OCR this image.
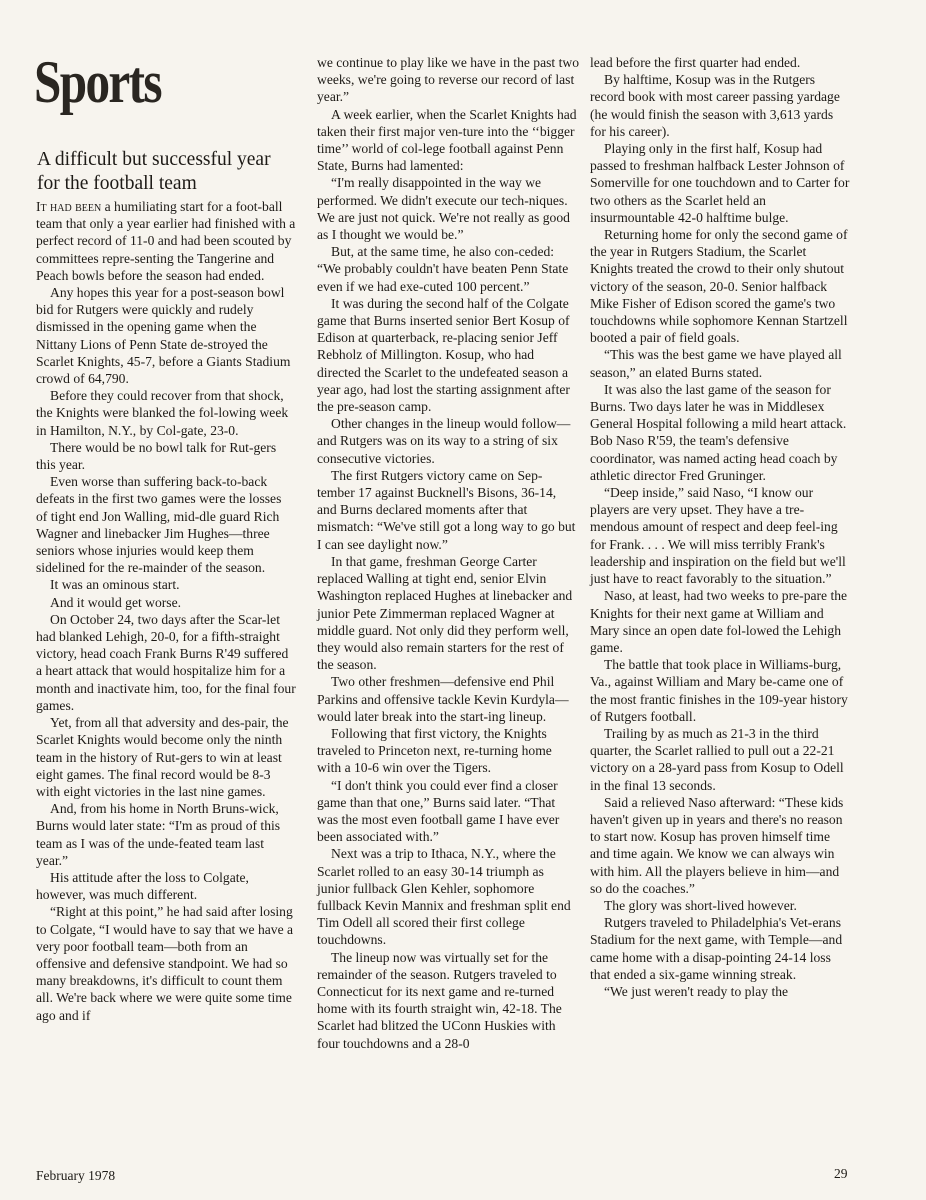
Sports
A difficult but successful year for the football team

It had been a humiliating start for a foot-ball team that only a year earlier had finished with a perfect record of 11-0 and had been scouted by committees repre-senting the Tangerine and Peach bowls before the season had ended.

Any hopes this year for a post-season bowl bid for Rutgers were quickly and rudely dismissed in the opening game when the Nittany Lions of Penn State de-stroyed the Scarlet Knights, 45-7, before a Giants Stadium crowd of 64,790.

Before they could recover from that shock, the Knights were blanked the fol-lowing week in Hamilton, N.Y., by Col-gate, 23-0.

There would be no bowl talk for Rut-gers this year.

Even worse than suffering back-to-back defeats in the first two games were the losses of tight end Jon Walling, mid-dle guard Rich Wagner and linebacker Jim Hughes—three seniors whose injuries would keep them sidelined for the re-mainder of the season.

It was an ominous start.

And it would get worse.

On October 24, two days after the Scar-let had blanked Lehigh, 20-0, for a fifth-straight victory, head coach Frank Burns R'49 suffered a heart attack that would hospitalize him for a month and inactivate him, too, for the final four games.

Yet, from all that adversity and des-pair, the Scarlet Knights would become only the ninth team in the history of Rut-gers to win at least eight games. The final record would be 8-3 with eight victories in the last nine games.

And, from his home in North Bruns-wick, Burns would later state: “I'm as proud of this team as I was of the unde-feated team last year.”

His attitude after the loss to Colgate, however, was much different.

“Right at this point,” he had said after losing to Colgate, “I would have to say that we have a very poor football team—both from an offensive and defensive standpoint. We had so many breakdowns, it's difficult to count them all. We're back where we were quite some time ago and if

we continue to play like we have in the past two weeks, we're going to reverse our record of last year.”

A week earlier, when the Scarlet Knights had taken their first major ven-ture into the ‘‘bigger time’’ world of col-lege football against Penn State, Burns had lamented:

“I'm really disappointed in the way we performed. We didn't execute our tech-niques. We are just not quick. We're not really as good as I thought we would be.”

But, at the same time, he also con-ceded: “We probably couldn't have beaten Penn State even if we had exe-cuted 100 percent.”

It was during the second half of the Colgate game that Burns inserted senior Bert Kosup of Edison at quarterback, re-placing senior Jeff Rebholz of Millington. Kosup, who had directed the Scarlet to the undefeated season a year ago, had lost the starting assignment after the pre-season camp.

Other changes in the lineup would follow—and Rutgers was on its way to a string of six consecutive victories.

The first Rutgers victory came on Sep-tember 17 against Bucknell's Bisons, 36-14, and Burns declared moments after that mismatch: “We've still got a long way to go but I can see daylight now.”

In that game, freshman George Carter replaced Walling at tight end, senior Elvin Washington replaced Hughes at linebacker and junior Pete Zimmerman replaced Wagner at middle guard. Not only did they perform well, they would also remain starters for the rest of the season.

Two other freshmen—defensive end Phil Parkins and offensive tackle Kevin Kurdyla—would later break into the start-ing lineup.

Following that first victory, the Knights traveled to Princeton next, re-turning home with a 10-6 win over the Tigers.

“I don't think you could ever find a closer game than that one,” Burns said later. “That was the most even football game I have ever been associated with.”

Next was a trip to Ithaca, N.Y., where the Scarlet rolled to an easy 30-14 triumph as junior fullback Glen Kehler, sophomore fullback Kevin Mannix and freshman split end Tim Odell all scored their first college touchdowns.

The lineup now was virtually set for the remainder of the season. Rutgers traveled to Connecticut for its next game and re-turned home with its fourth straight win, 42-18. The Scarlet had blitzed the UConn Huskies with four touchdowns and a 28-0

lead before the first quarter had ended.

By halftime, Kosup was in the Rutgers record book with most career passing yardage (he would finish the season with 3,613 yards for his career).

Playing only in the first half, Kosup had passed to freshman halfback Lester Johnson of Somerville for one touchdown and to Carter for two others as the Scarlet held an insurmountable 42-0 halftime bulge.

Returning home for only the second game of the year in Rutgers Stadium, the Scarlet Knights treated the crowd to their only shutout victory of the season, 20-0. Senior halfback Mike Fisher of Edison scored the game's two touchdowns while sophomore Kennan Startzell booted a pair of field goals.

“This was the best game we have played all season,” an elated Burns stated.

It was also the last game of the season for Burns. Two days later he was in Middlesex General Hospital following a mild heart attack. Bob Naso R'59, the team's defensive coordinator, was named acting head coach by athletic director Fred Gruninger.

“Deep inside,” said Naso, “I know our players are very upset. They have a tre-mendous amount of respect and deep feel-ing for Frank. . . . We will miss terribly Frank's leadership and inspiration on the field but we'll just have to react favorably to the situation.”

Naso, at least, had two weeks to pre-pare the Knights for their next game at William and Mary since an open date fol-lowed the Lehigh game.

The battle that took place in Williams-burg, Va., against William and Mary be-came one of the most frantic finishes in the 109-year history of Rutgers football.

Trailing by as much as 21-3 in the third quarter, the Scarlet rallied to pull out a 22-21 victory on a 28-yard pass from Kosup to Odell in the final 13 seconds.

Said a relieved Naso afterward: “These kids haven't given up in years and there's no reason to start now. Kosup has proven himself time and time again. We know we can always win with him. All the players believe in him—and so do the coaches.”

The glory was short-lived however.

Rutgers traveled to Philadelphia's Vet-erans Stadium for the next game, with Temple—and came home with a disap-pointing 24-14 loss that ended a six-game winning streak.

“We just weren't ready to play the

February 1978	29
